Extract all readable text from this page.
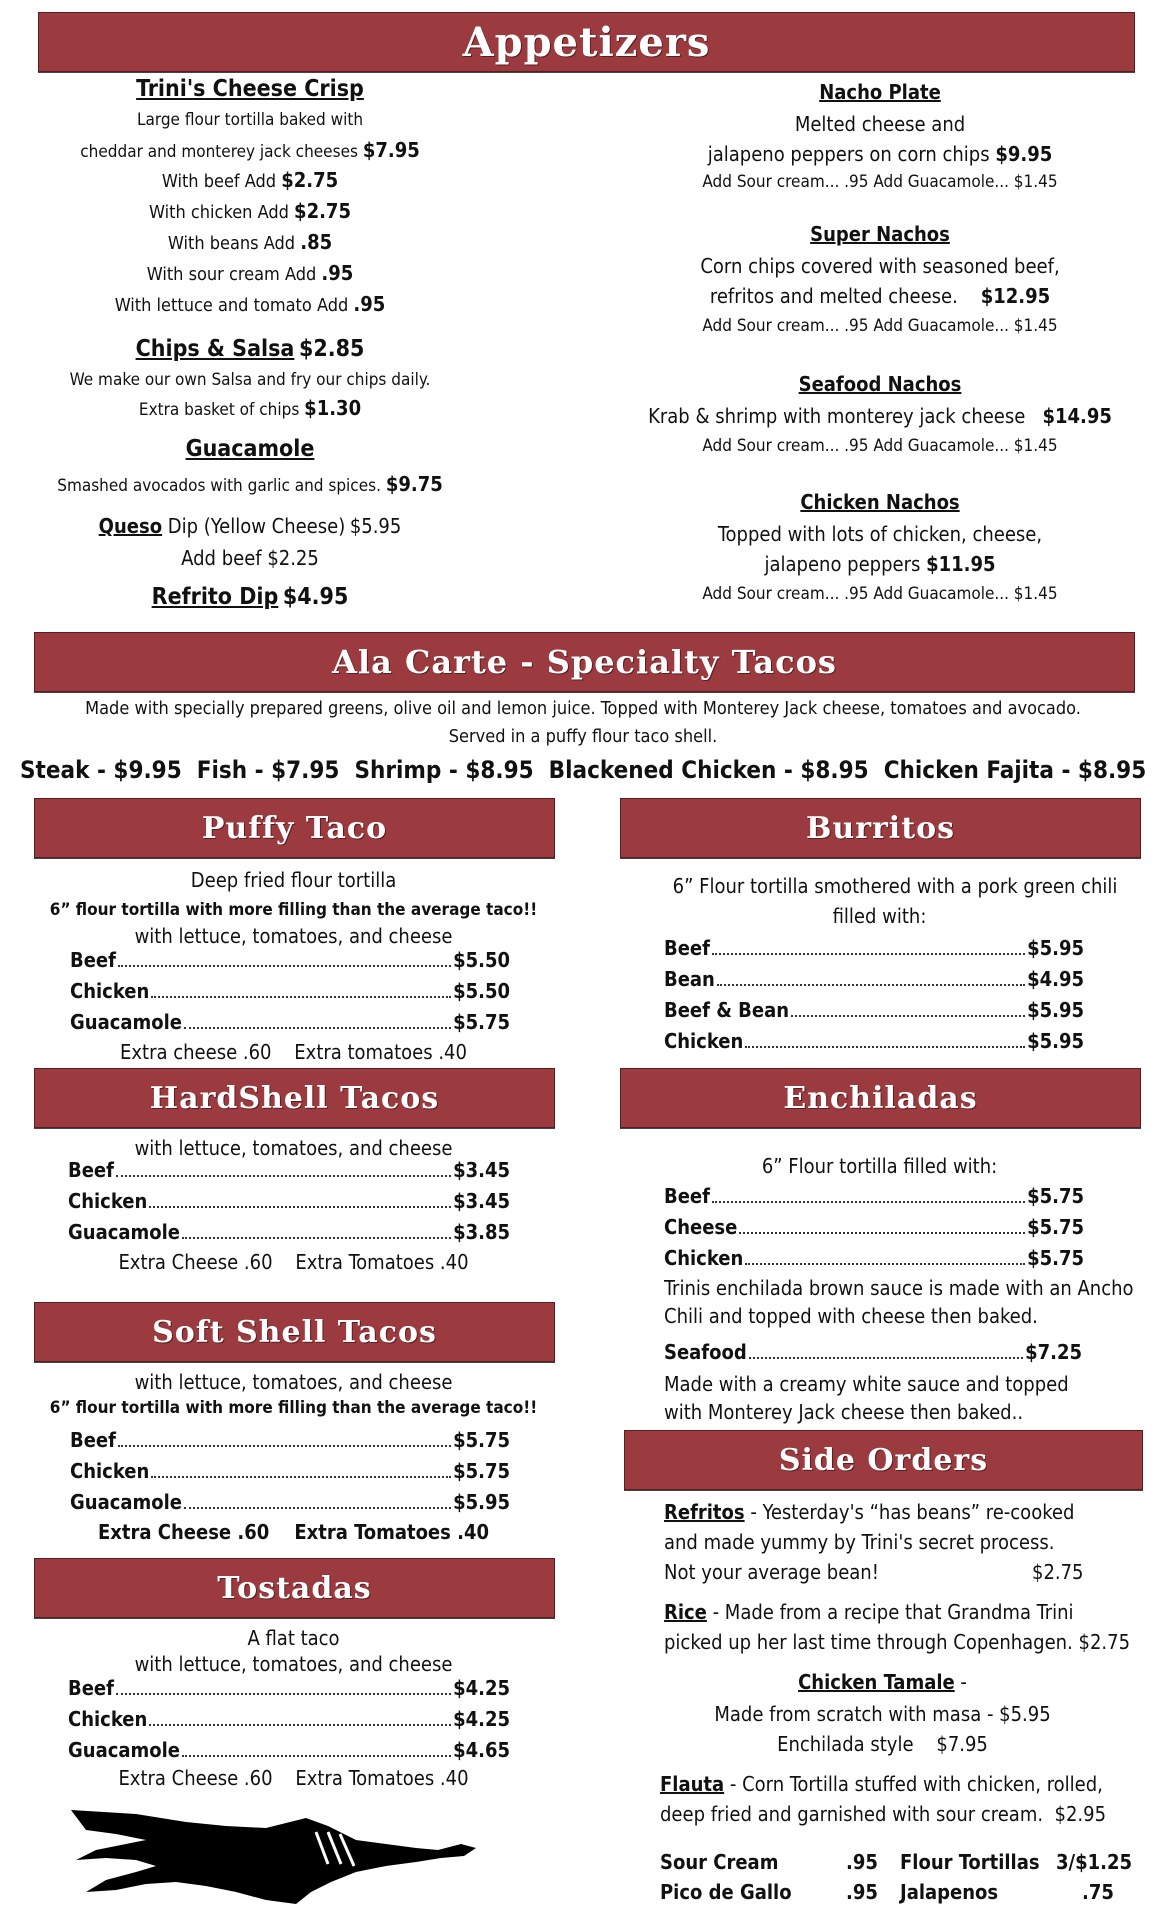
Appetizers
Trini's Cheese Crisp
Large flour tortilla baked with
cheddar and monterey jack cheeses $7.95
With beef Add $2.75
With chicken Add $2.75
With beans Add .85
With sour cream Add .95
With lettuce and tomato Add .95
Chips & Salsa $2.85
We make our own Salsa and fry our chips daily.
Extra basket of chips $1.30
Guacamole
Smashed avocados with garlic and spices. $9.75
Queso Dip (Yellow Cheese) $5.95
Add beef $2.25
Refrito Dip $4.95
Nacho Plate
Melted cheese and
jalapeno peppers on corn chips $9.95
Add Sour cream... .95 Add Guacamole... $1.45
Super Nachos
Corn chips covered with seasoned beef,
refritos and melted cheese. $12.95
Add Sour cream... .95 Add Guacamole... $1.45
Seafood Nachos
Krab & shrimp with monterey jack cheese $14.95
Add Sour cream... .95 Add Guacamole... $1.45
Chicken Nachos
Topped with lots of chicken, cheese,
jalapeno peppers $11.95
Add Sour cream... .95 Add Guacamole... $1.45
Ala Carte - Specialty Tacos
Made with specially prepared greens, olive oil and lemon juice. Topped with Monterey Jack cheese, tomatoes and avocado.
Served in a puffy flour taco shell.
Steak - $9.95  Fish - $7.95  Shrimp - $8.95  Blackened Chicken - $8.95  Chicken Fajita - $8.95
Puffy Taco
Deep fried flour tortilla
6” flour tortilla with more filling than the average taco!!
with lettuce, tomatoes, and cheese
Beef	$5.50
Chicken	$5.50
Guacamole	$5.75
Extra cheese .60    Extra tomatoes .40
HardShell Tacos
with lettuce, tomatoes, and cheese
Beef	$3.45
Chicken	$3.45
Guacamole	$3.85
Extra Cheese .60    Extra Tomatoes .40
Soft Shell Tacos
with lettuce, tomatoes, and cheese
6” flour tortilla with more filling than the average taco!!
Beef	$5.75
Chicken	$5.75
Guacamole	$5.95
Extra Cheese .60    Extra Tomatoes .40
Tostadas
A flat taco
with lettuce, tomatoes, and cheese
Beef	$4.25
Chicken	$4.25
Guacamole	$4.65
Extra Cheese .60    Extra Tomatoes .40
Burritos
6” Flour tortilla smothered with a pork green chili
filled with:
Beef	$5.95
Bean	$4.95
Beef & Bean	$5.95
Chicken	$5.95
Enchiladas
6” Flour tortilla filled with:
Beef	$5.75
Cheese	$5.75
Chicken	$5.75
Trinis enchilada brown sauce is made with an Ancho
Chili and topped with cheese then baked.
Seafood	$7.25
Made with a creamy white sauce and topped
with Monterey Jack cheese then baked..
Side Orders
Refritos - Yesterday's “has beans” re-cooked
and made yummy by Trini's secret process.
Not your average bean!	$2.75
Rice - Made from a recipe that Grandma Trini
picked up her last time through Copenhagen. $2.75
Chicken Tamale -
Made from scratch with masa - $5.95
Enchilada style $7.95
Flauta - Corn Tortilla stuffed with chicken, rolled,
deep fried and garnished with sour cream. $2.95
Sour Cream	.95 Flour Tortillas 3/$1.25
Pico de Gallo	.95 Jalapenos	.75
